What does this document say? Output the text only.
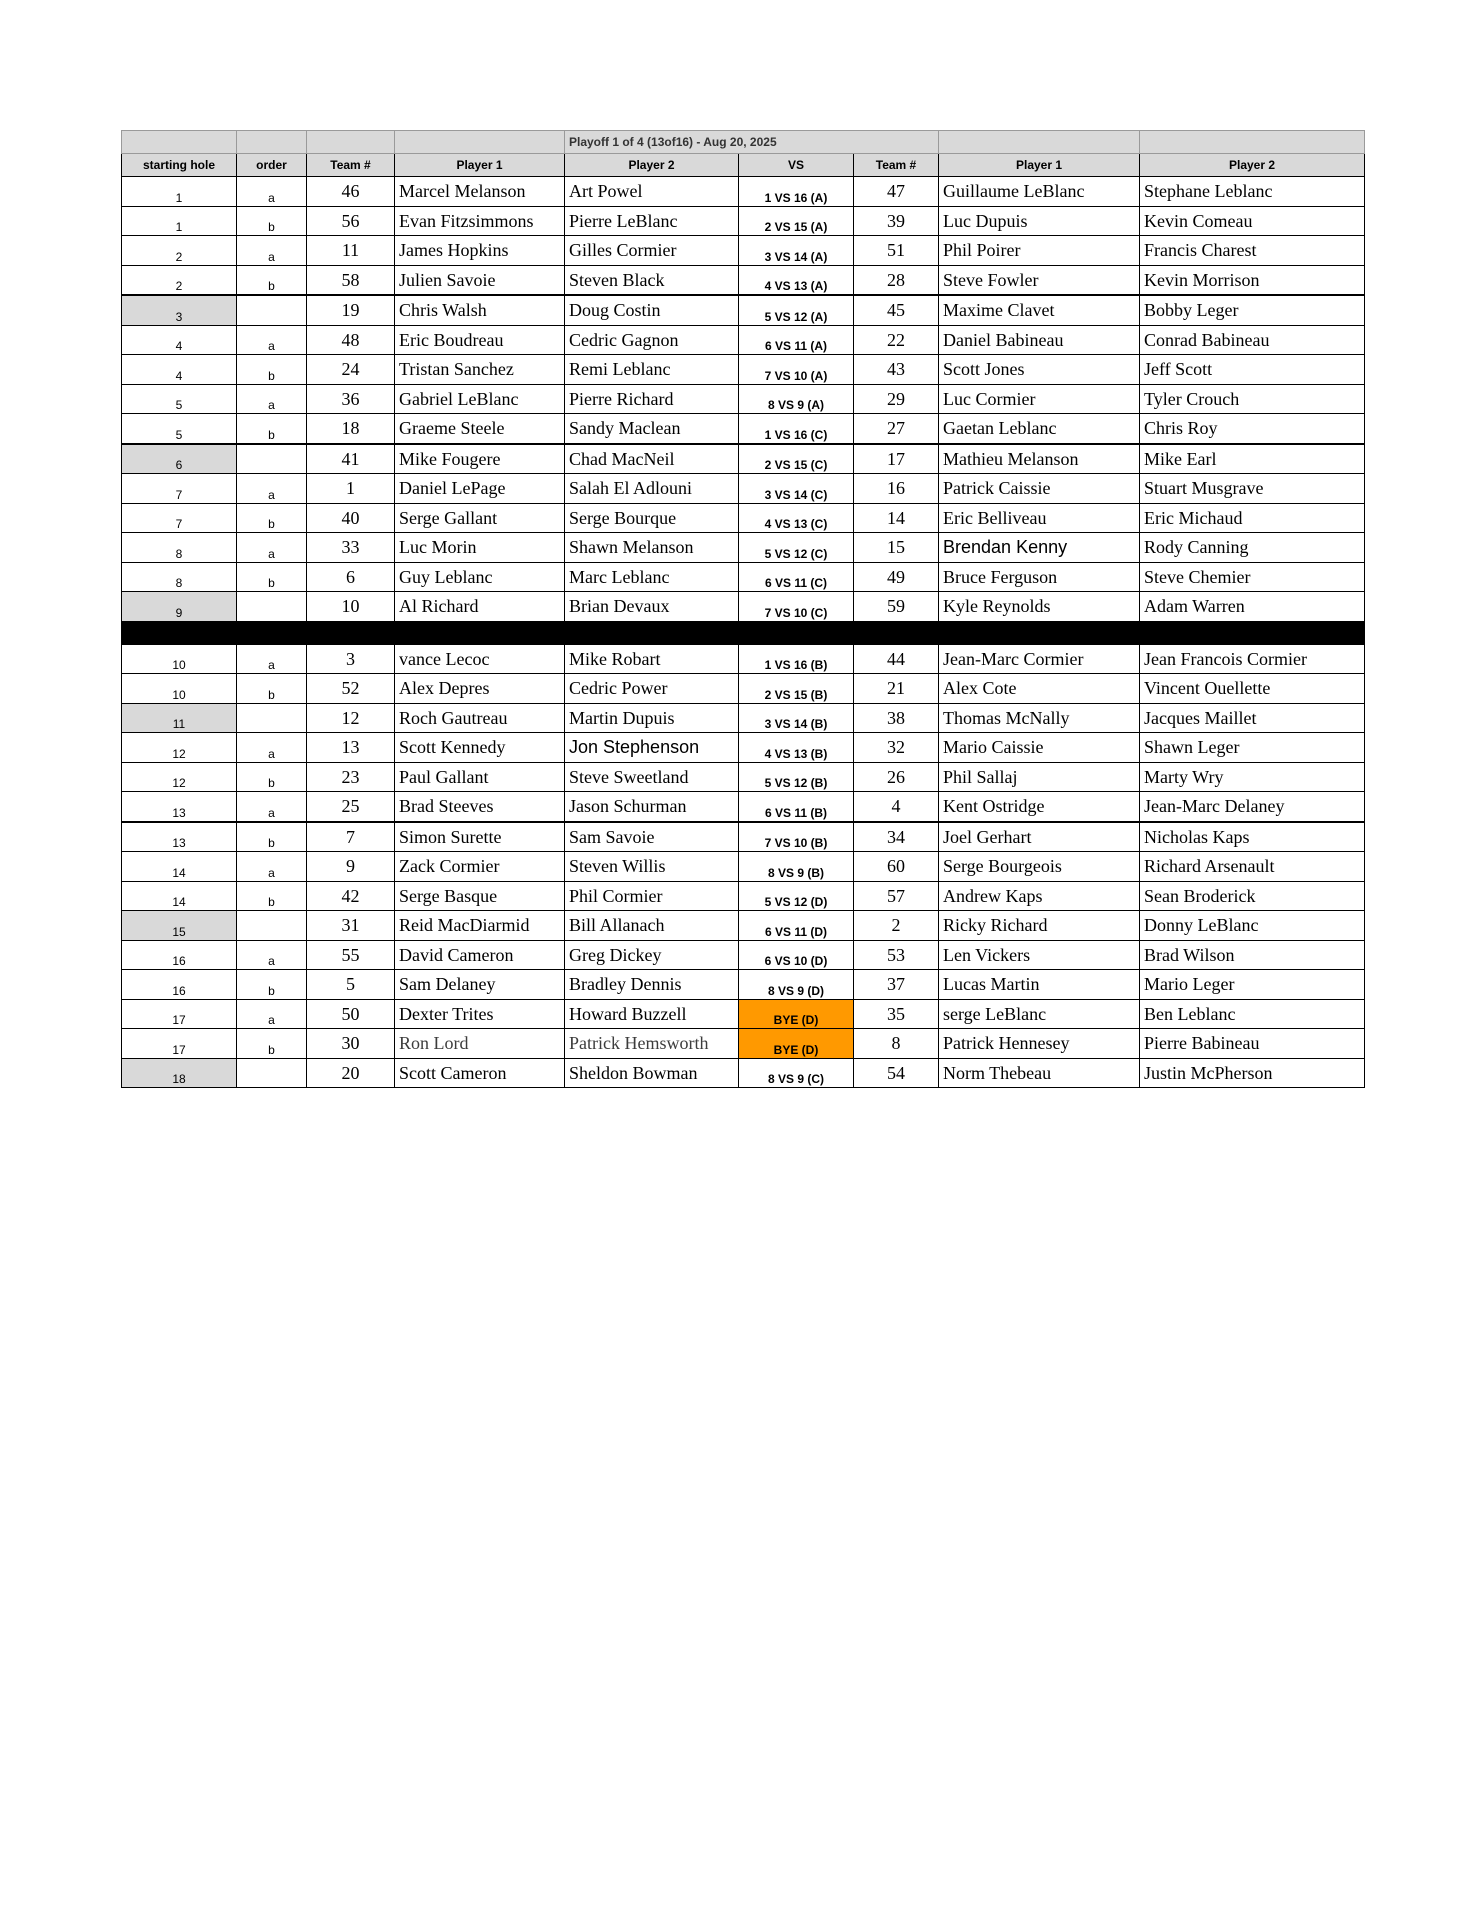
				Playoff 1 of 4 (13of16) - Aug 20, 2025				
starting hole	order	Team #	Player 1	Player 2	VS	Team #	Player 1	Player 2
1	a	46	Marcel Melanson	Art Powel	1 VS 16 (A)	47	Guillaume LeBlanc	Stephane Leblanc
1	b	56	Evan Fitzsimmons	Pierre LeBlanc	2 VS 15 (A)	39	Luc Dupuis	Kevin Comeau
2	a	11	James Hopkins	Gilles Cormier	3 VS 14 (A)	51	Phil Poirer	Francis Charest
2	b	58	Julien Savoie	Steven Black	4 VS 13 (A)	28	Steve Fowler	Kevin Morrison
3		19	Chris Walsh	Doug Costin	5 VS 12 (A)	45	Maxime Clavet	Bobby Leger
4	a	48	Eric Boudreau	Cedric Gagnon	6 VS 11 (A)	22	Daniel Babineau	Conrad Babineau
4	b	24	Tristan Sanchez	Remi Leblanc	7 VS 10 (A)	43	Scott Jones	Jeff Scott
5	a	36	Gabriel LeBlanc	Pierre Richard	8 VS 9 (A)	29	Luc Cormier	Tyler Crouch
5	b	18	Graeme Steele	Sandy Maclean	1 VS 16 (C)	27	Gaetan Leblanc	Chris Roy
6		41	Mike Fougere	Chad MacNeil	2 VS 15 (C)	17	Mathieu Melanson	Mike Earl
7	a	1	Daniel LePage	Salah El Adlouni	3 VS 14 (C)	16	Patrick Caissie	Stuart Musgrave
7	b	40	Serge Gallant	Serge Bourque	4 VS 13 (C)	14	Eric Belliveau	Eric Michaud
8	a	33	Luc Morin	Shawn Melanson	5 VS 12 (C)	15	Brendan Kenny	Rody Canning
8	b	6	Guy Leblanc	Marc Leblanc	6 VS 11 (C)	49	Bruce Ferguson	Steve Chemier
9		10	Al Richard	Brian Devaux	7 VS 10 (C)	59	Kyle Reynolds	Adam Warren

10	a	3	vance Lecoc	Mike Robart	1 VS 16 (B)	44	Jean-Marc Cormier	Jean Francois Cormier
10	b	52	Alex Depres	Cedric Power	2 VS 15 (B)	21	Alex Cote	Vincent Ouellette
11		12	Roch Gautreau	Martin Dupuis	3 VS 14 (B)	38	Thomas McNally	Jacques Maillet
12	a	13	Scott Kennedy	Jon Stephenson	4 VS 13 (B)	32	Mario Caissie	Shawn Leger
12	b	23	Paul Gallant	Steve Sweetland	5 VS 12 (B)	26	Phil Sallaj	Marty Wry
13	a	25	Brad Steeves	Jason Schurman	6 VS 11 (B)	4	Kent Ostridge	Jean-Marc Delaney
13	b	7	Simon Surette	Sam Savoie	7 VS 10 (B)	34	Joel Gerhart	Nicholas Kaps
14	a	9	Zack Cormier	Steven Willis	8 VS 9 (B)	60	Serge Bourgeois	Richard Arsenault
14	b	42	Serge Basque	Phil Cormier	5 VS 12 (D)	57	Andrew Kaps	Sean Broderick
15		31	Reid MacDiarmid	Bill Allanach	6 VS 11 (D)	2	Ricky Richard	Donny LeBlanc
16	a	55	David Cameron	Greg Dickey	6 VS 10 (D)	53	Len Vickers	Brad Wilson
16	b	5	Sam Delaney	Bradley Dennis	8 VS 9 (D)	37	Lucas Martin	Mario Leger
17	a	50	Dexter Trites	Howard Buzzell	BYE (D)	35	serge LeBlanc	Ben Leblanc
17	b	30	Ron Lord	Patrick Hemsworth	BYE (D)	8	Patrick Hennesey	Pierre Babineau
18		20	Scott Cameron	Sheldon Bowman	8 VS 9 (C)	54	Norm Thebeau	Justin McPherson
